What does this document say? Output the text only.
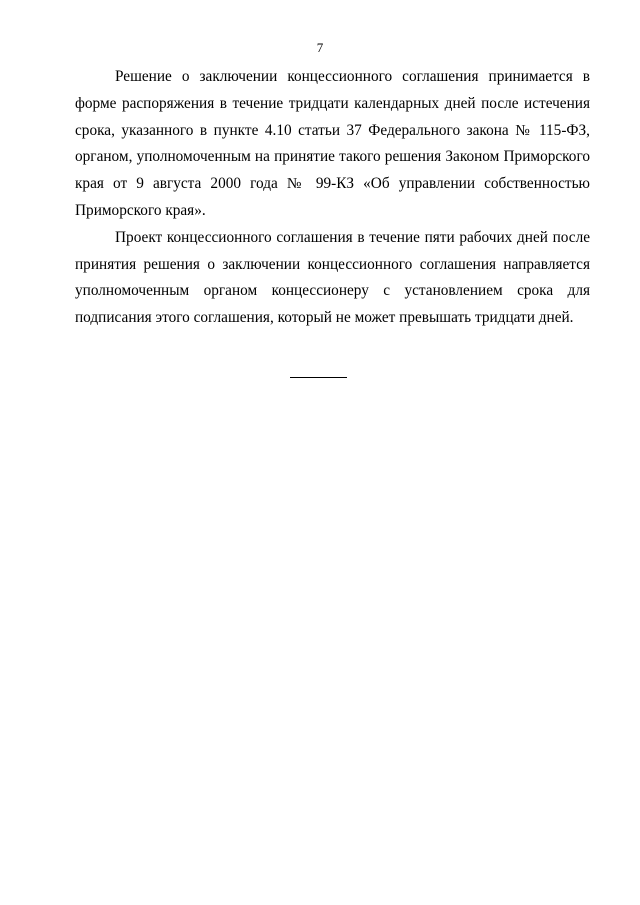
7

Решение о заключении концессионного соглашения принимается в форме распоряжения в течение тридцати календарных дней после истечения срока, указанного в пункте 4.10 статьи 37 Федерального закона № 115-ФЗ, органом, уполномоченным на принятие такого решения Законом Приморского края от 9 августа 2000 года № 99-КЗ «Об управлении собственностью Приморского края».

Проект концессионного соглашения в течение пяти рабочих дней после принятия решения о заключении концессионного соглашения направляется уполномоченным органом концессионеру с установлением срока для подписания этого соглашения, который не может превышать тридцати дней.
